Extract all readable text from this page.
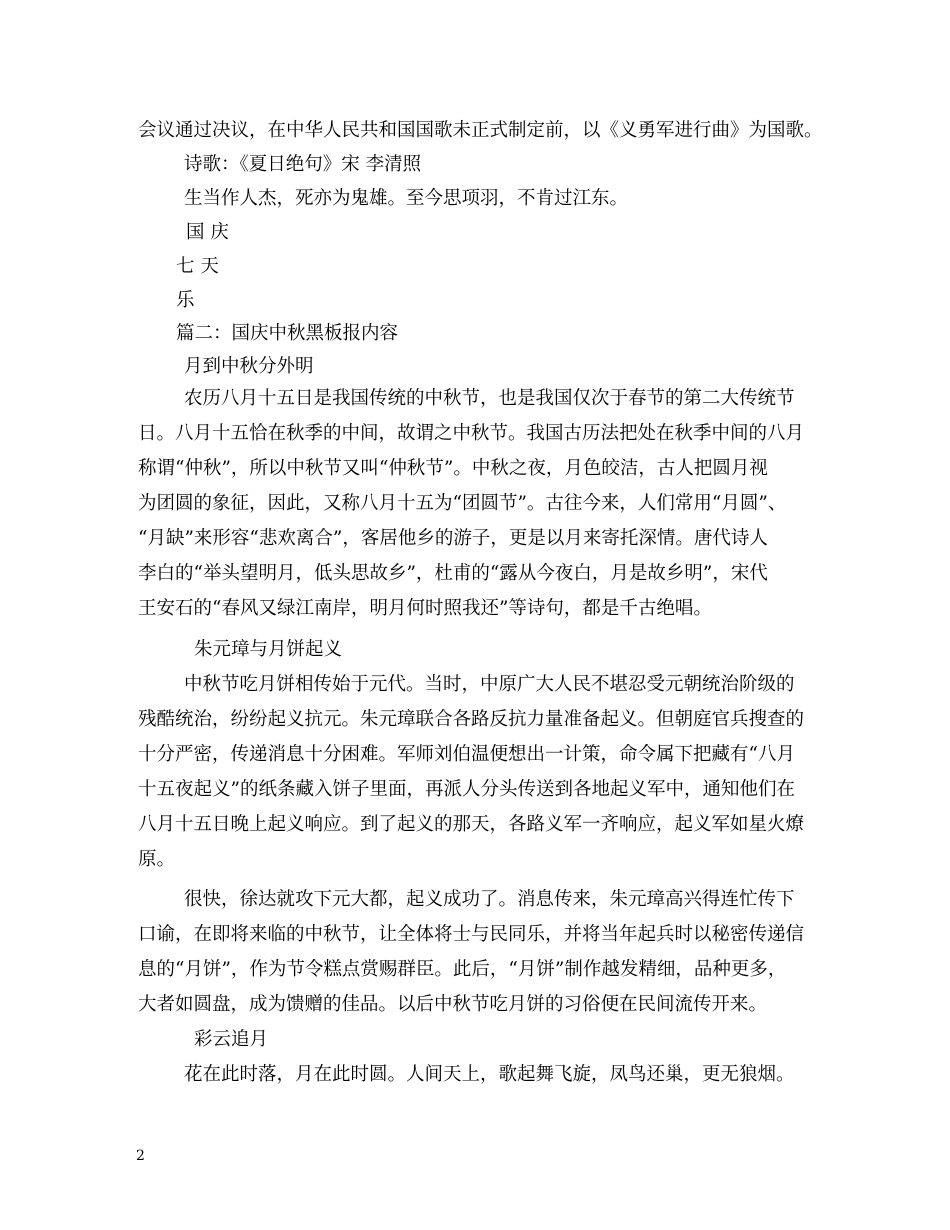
会议通过决议，在中华人民共和国国歌未正式制定前，以《义勇军进行曲》为国歌。
诗歌：《夏日绝句》宋 李清照
生当作人杰，死亦为鬼雄。至今思项羽，不肯过江东。
国 庆
七 天
乐
篇二：国庆中秋黑板报内容
月到中秋分外明
农历八月十五日是我国传统的中秋节，也是我国仅次于春节的第二大传统节
日。八月十五恰在秋季的中间，故谓之中秋节。我国古历法把处在秋季中间的八月
称谓“仲秋”，所以中秋节又叫“仲秋节”。中秋之夜，月色皎洁，古人把圆月视
为团圆的象征，因此，又称八月十五为“团圆节”。古往今来，人们常用“月圆”、
“月缺”来形容“悲欢离合”，客居他乡的游子，更是以月来寄托深情。唐代诗人
李白的“举头望明月，低头思故乡”，杜甫的“露从今夜白，月是故乡明”，宋代
王安石的“春风又绿江南岸，明月何时照我还”等诗句，都是千古绝唱。
朱元璋与月饼起义
中秋节吃月饼相传始于元代。当时，中原广大人民不堪忍受元朝统治阶级的
残酷统治，纷纷起义抗元。朱元璋联合各路反抗力量准备起义。但朝庭官兵搜查的
十分严密，传递消息十分困难。军师刘伯温便想出一计策，命令属下把藏有“八月
十五夜起义”的纸条藏入饼子里面，再派人分头传送到各地起义军中，通知他们在
八月十五日晚上起义响应。到了起义的那天，各路义军一齐响应，起义军如星火燎
原。
很快，徐达就攻下元大都，起义成功了。消息传来，朱元璋高兴得连忙传下
口谕，在即将来临的中秋节，让全体将士与民同乐，并将当年起兵时以秘密传递信
息的“月饼”，作为节令糕点赏赐群臣。此后，“月饼”制作越发精细，品种更多，
大者如圆盘，成为馈赠的佳品。以后中秋节吃月饼的习俗便在民间流传开来。
彩云追月
花在此时落，月在此时圆。人间天上，歌起舞飞旋，凤鸟还巢，更无狼烟。
2
